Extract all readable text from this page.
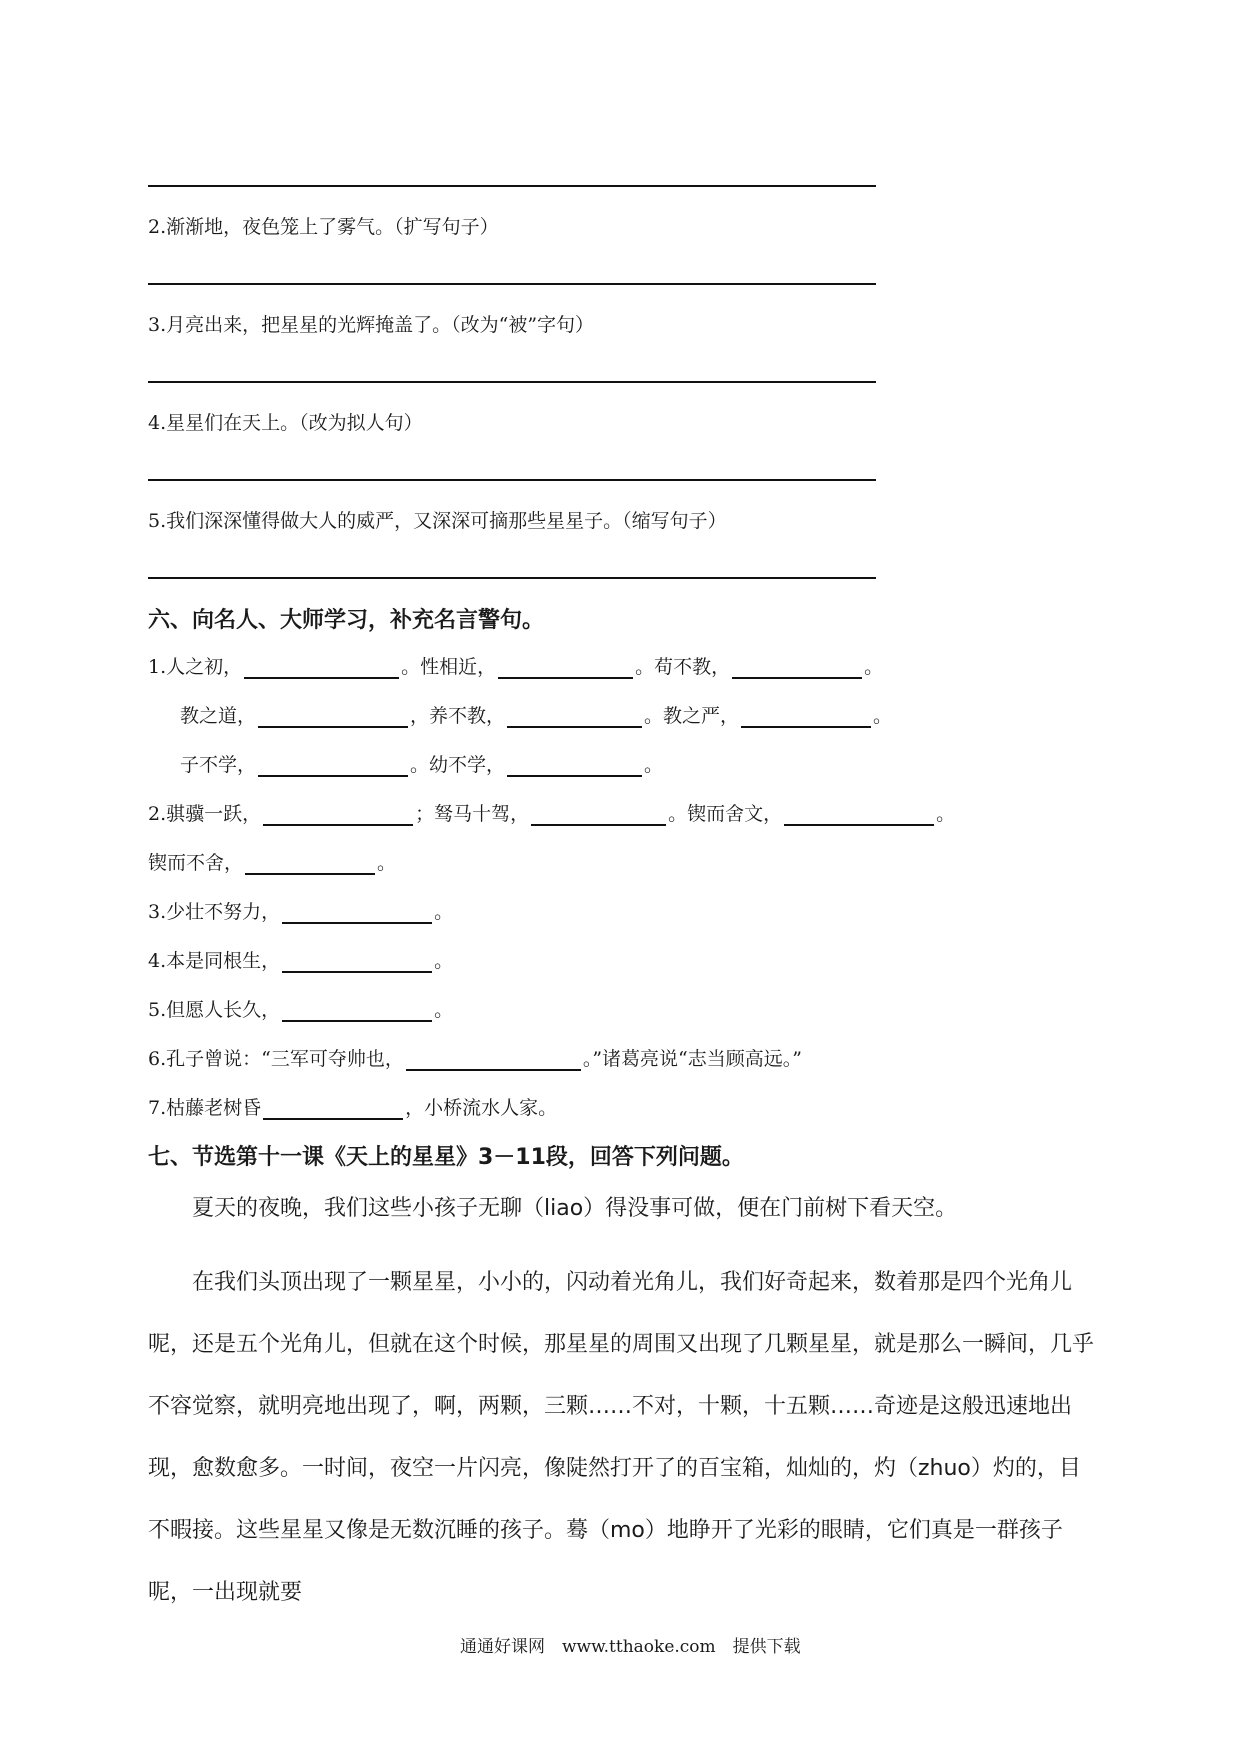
2.渐渐地，夜色笼上了雾气。（扩写句子）
3.月亮出来，把星星的光辉掩盖了。（改为“被”字句）
4.星星们在天上。（改为拟人句）
5.我们深深懂得做大人的威严，又深深可摘那些星星子。（缩写句子）
六、向名人、大师学习，补充名言警句。
1.人之初，	。性相近，	。苟不教，	。
教之道，	，养不教，	。教之严，	。
子不学，	。幼不学，	。
2.骐骥一跃，	；驽马十驾，	。锲而舍文，	。
锲而不舍，	。
3.少壮不努力，	。
4.本是同根生，	。
5.但愿人长久，	。
6.孔子曾说：“三军可夺帅也，	。”诸葛亮说“志当顾高远。”
7.枯藤老树昏	，小桥流水人家。
七、节选第十一课《天上的星星》3－11段，回答下列问题。
夏天的夜晚，我们这些小孩子无聊（liao）得没事可做，便在门前树下看天空。
在我们头顶出现了一颗星星，小小的，闪动着光角儿，我们好奇起来，数着那是四个光角儿呢，还是五个光角儿，但就在这个时候，那星星的周围又出现了几颗星星，就是那么一瞬间，几乎不容觉察，就明亮地出现了，啊，两颗，三颗……不对，十颗，十五颗……奇迹是这般迅速地出现，愈数愈多。一时间，夜空一片闪亮，像陡然打开了的百宝箱，灿灿的，灼（zhuo）灼的，目不暇接。这些星星又像是无数沉睡的孩子。蓦（mo）地睁开了光彩的眼睛，它们真是一群孩子呢，一出现就要
通通好课网　www.tthaoke.com　提供下载
